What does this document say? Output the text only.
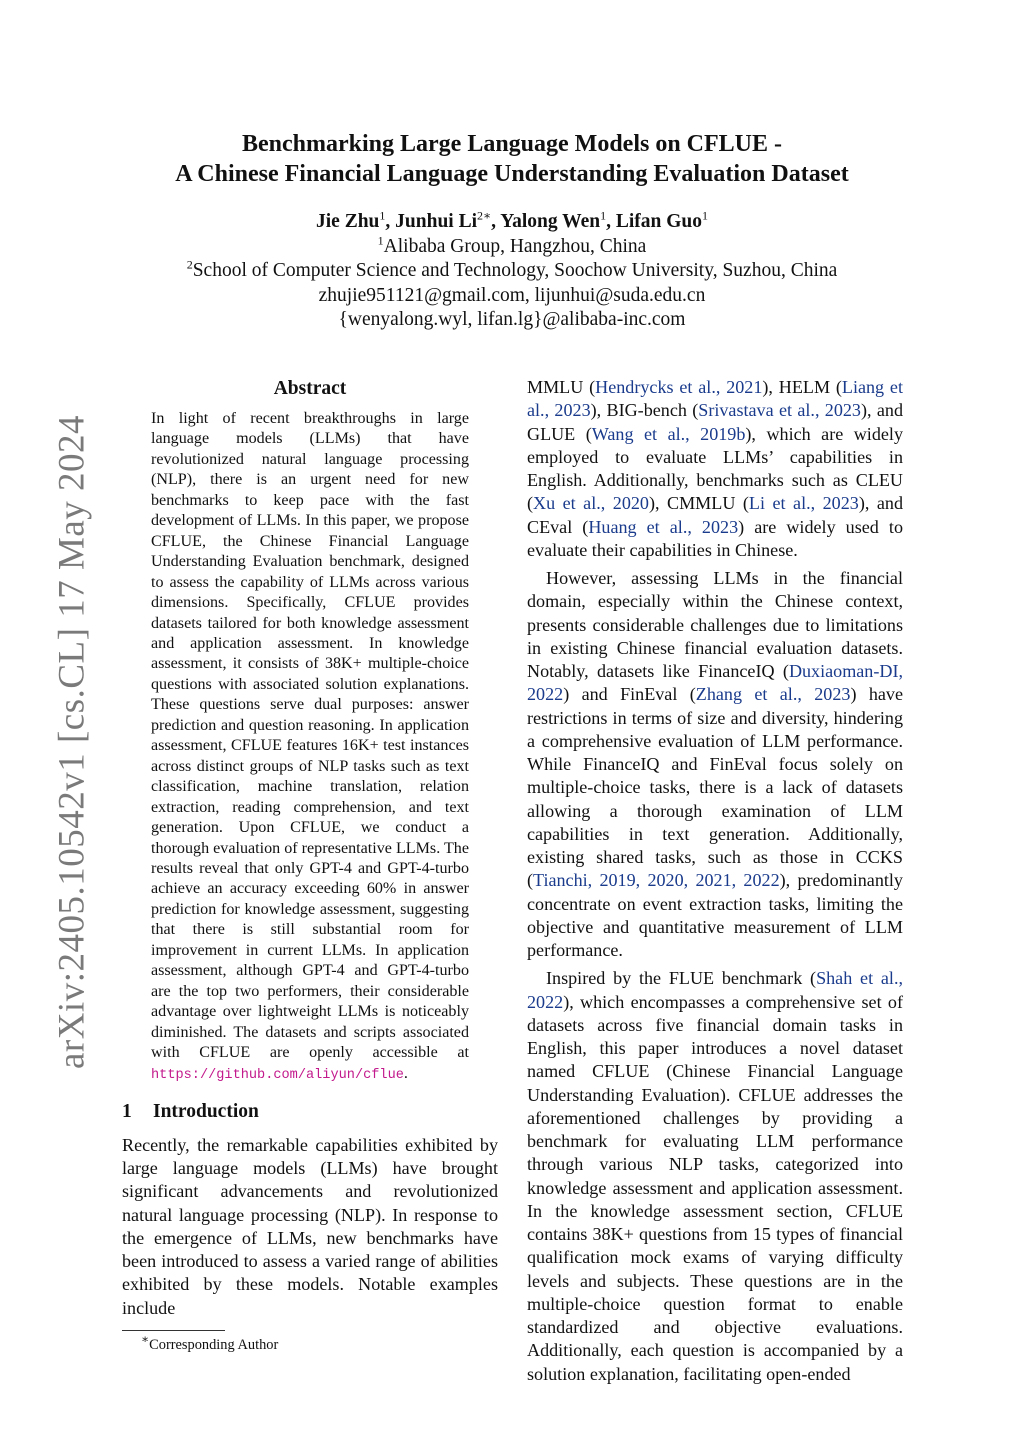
arXiv:2405.10542v1 [cs.CL] 17 May 2024
Benchmarking Large Language Models on CFLUE -
A Chinese Financial Language Understanding Evaluation Dataset
Jie Zhu$^1$, Junhui $Li^{2∗}$, Yalong Wen$^1$, Lifan Guo$^1$
$^1$Alibaba Group, Hangzhou, China
$^2$School of Computer Science and Technology, Soochow University, Suzhou, China
zhujie951121@gmail.com, lijunhui@suda.edu.cn
{wenyalong.wyl, lifan.lg}@alibaba-inc.com
Abstract
In light of recent breakthroughs in large language models (LLMs) that have revolutionized natural language processing (NLP), there is an urgent need for new benchmarks to keep pace with the fast development of LLMs. In this paper, we propose CFLUE, the Chinese Financial Language Understanding Evaluation benchmark, designed to assess the capability of LLMs across various dimensions. Specifically, CFLUE provides datasets tailored for both knowledge assessment and application assessment. In knowledge assessment, it consists of 38K+ multiple-choice questions with associated solution explanations. These questions serve dual purposes: answer prediction and question reasoning. In application assessment, CFLUE features 16K+ test instances across distinct groups of NLP tasks such as text classification, machine translation, relation extraction, reading comprehension, and text generation. Upon CFLUE, we conduct a thorough evaluation of representative LLMs. The results reveal that only GPT-4 and GPT-4-turbo achieve an accuracy exceeding 60% in answer prediction for knowledge assessment, suggesting that there is still substantial room for improvement in current LLMs. In application assessment, although GPT-4 and GPT-4-turbo are the top two performers, their considerable advantage over lightweight LLMs is noticeably diminished. The datasets and scripts associated with CFLUE are openly accessible at https://github.com/aliyun/cflue.
1 Introduction

Recently, the remarkable capabilities exhibited by large language models (LLMs) have brought significant advancements and revolutionized natural language processing (NLP). In response to the emergence of LLMs, new benchmarks have been introduced to assess a varied range of abilities exhibited by these models. Notable examples include

∗Corresponding Author

MMLU (Hendrycks et al., 2021), HELM (Liang et al., 2023), BIG-bench (Srivastava et al., 2023), and GLUE (Wang et al., 2019b), which are widely employed to evaluate LLMs’ capabilities in English. Additionally, benchmarks such as CLEU (Xu et al., 2020), CMMLU (Li et al., 2023), and CEval (Huang et al., 2023) are widely used to evaluate their capabilities in Chinese.

However, assessing LLMs in the financial domain, especially within the Chinese context, presents considerable challenges due to limitations in existing Chinese financial evaluation datasets. Notably, datasets like FinanceIQ (Duxiaoman-DI, 2022) and FinEval (Zhang et al., 2023) have restrictions in terms of size and diversity, hindering a comprehensive evaluation of LLM performance. While FinanceIQ and FinEval focus solely on multiple-choice tasks, there is a lack of datasets allowing a thorough examination of LLM capabilities in text generation. Additionally, existing shared tasks, such as those in CCKS (Tianchi, 2019, 2020, 2021, 2022), predominantly concentrate on event extraction tasks, limiting the objective and quantitative measurement of LLM performance.

Inspired by the FLUE benchmark (Shah et al., 2022), which encompasses a comprehensive set of datasets across five financial domain tasks in English, this paper introduces a novel dataset named CFLUE (Chinese Financial Language Understanding Evaluation). CFLUE addresses the aforementioned challenges by providing a benchmark for evaluating LLM performance through various NLP tasks, categorized into knowledge assessment and application assessment. In the knowledge assessment section, CFLUE contains 38K+ questions from 15 types of financial qualification mock exams of varying difficulty levels and subjects. These questions are in the multiple-choice question format to enable standardized and objective evaluations. Additionally, each question is accompanied by a solution explanation, facilitating open-ended
